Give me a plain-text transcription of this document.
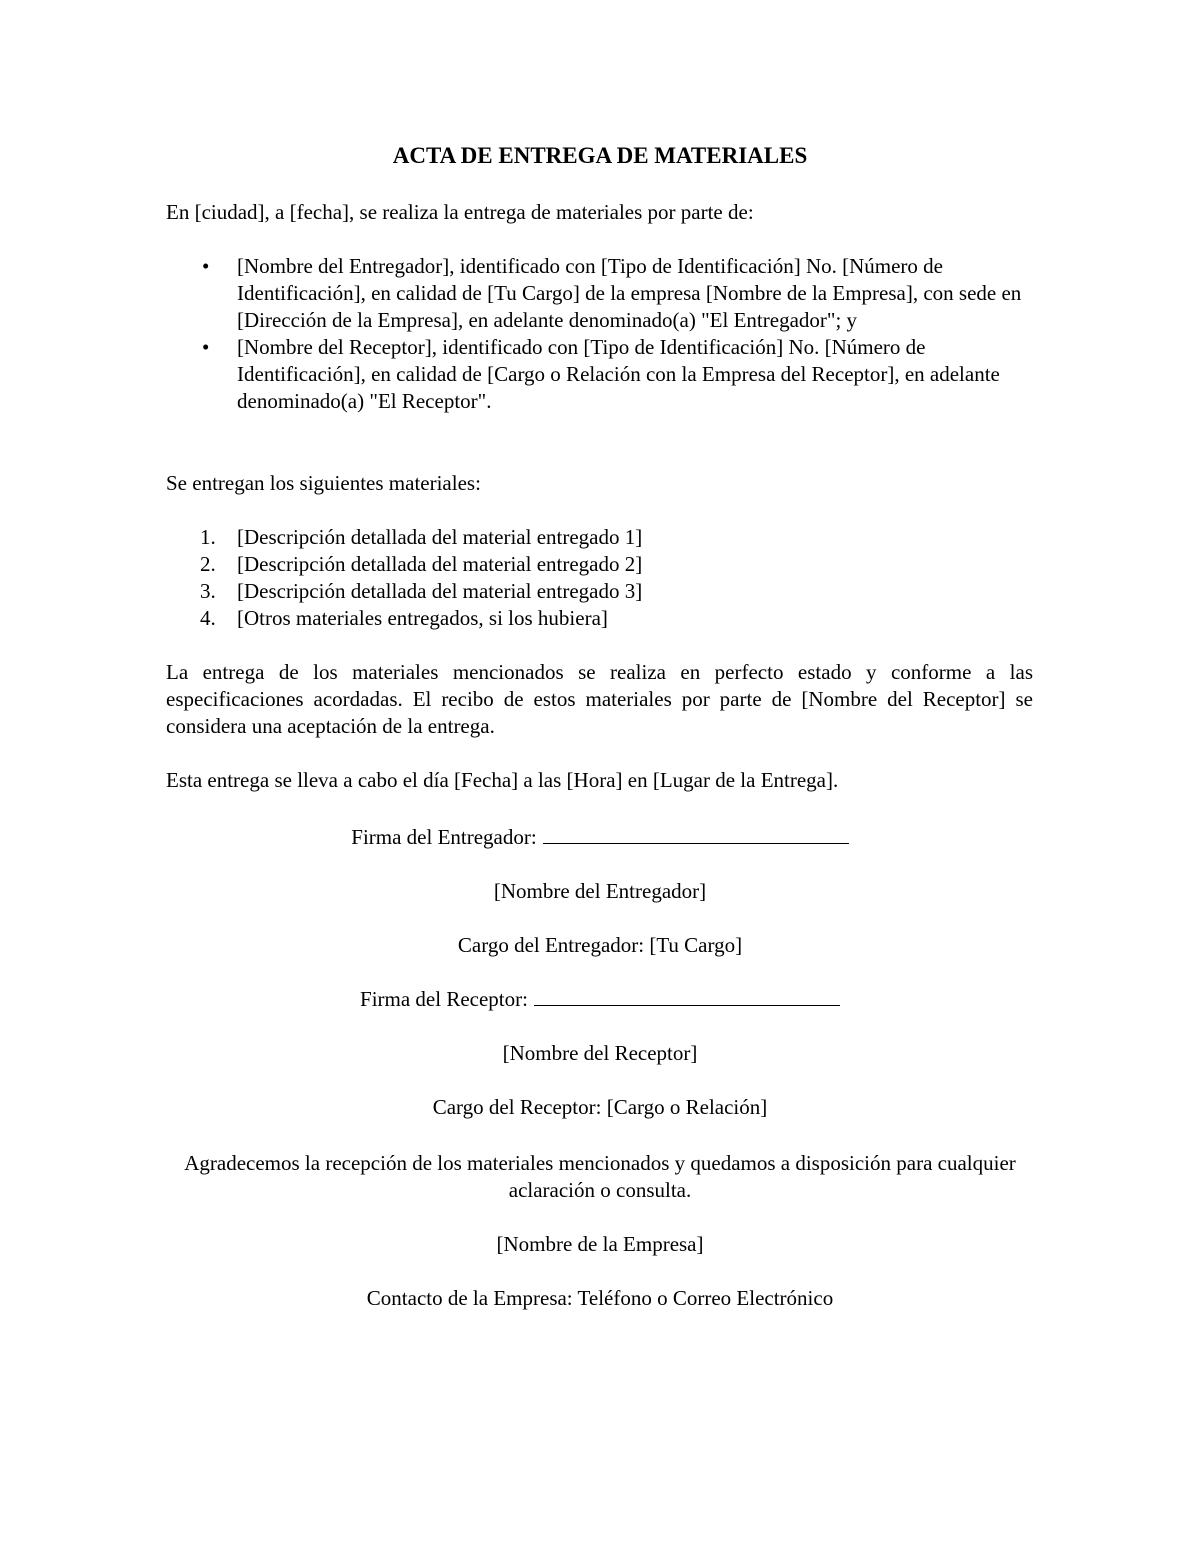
ACTA DE ENTREGA DE MATERIALES

En [ciudad], a [fecha], se realiza la entrega de materiales por parte de:

• [Nombre del Entregador], identificado con [Tipo de Identificación] No. [Número de Identificación], en calidad de [Tu Cargo] de la empresa [Nombre de la Empresa], con sede en [Dirección de la Empresa], en adelante denominado(a) "El Entregador"; y
• [Nombre del Receptor], identificado con [Tipo de Identificación] No. [Número de Identificación], en calidad de [Cargo o Relación con la Empresa del Receptor], en adelante denominado(a) "El Receptor".

Se entregan los siguientes materiales:

1. [Descripción detallada del material entregado 1]
2. [Descripción detallada del material entregado 2]
3. [Descripción detallada del material entregado 3]
4. [Otros materiales entregados, si los hubiera]

La entrega de los materiales mencionados se realiza en perfecto estado y conforme a las especificaciones acordadas. El recibo de estos materiales por parte de [Nombre del Receptor] se considera una aceptación de la entrega.

Esta entrega se lleva a cabo el día [Fecha] a las [Hora] en [Lugar de la Entrega].

Firma del Entregador:

[Nombre del Entregador]

Cargo del Entregador: [Tu Cargo]

Firma del Receptor:

[Nombre del Receptor]

Cargo del Receptor: [Cargo o Relación]

Agradecemos la recepción de los materiales mencionados y quedamos a disposición para cualquier aclaración o consulta.

[Nombre de la Empresa]

Contacto de la Empresa: Teléfono o Correo Electrónico
